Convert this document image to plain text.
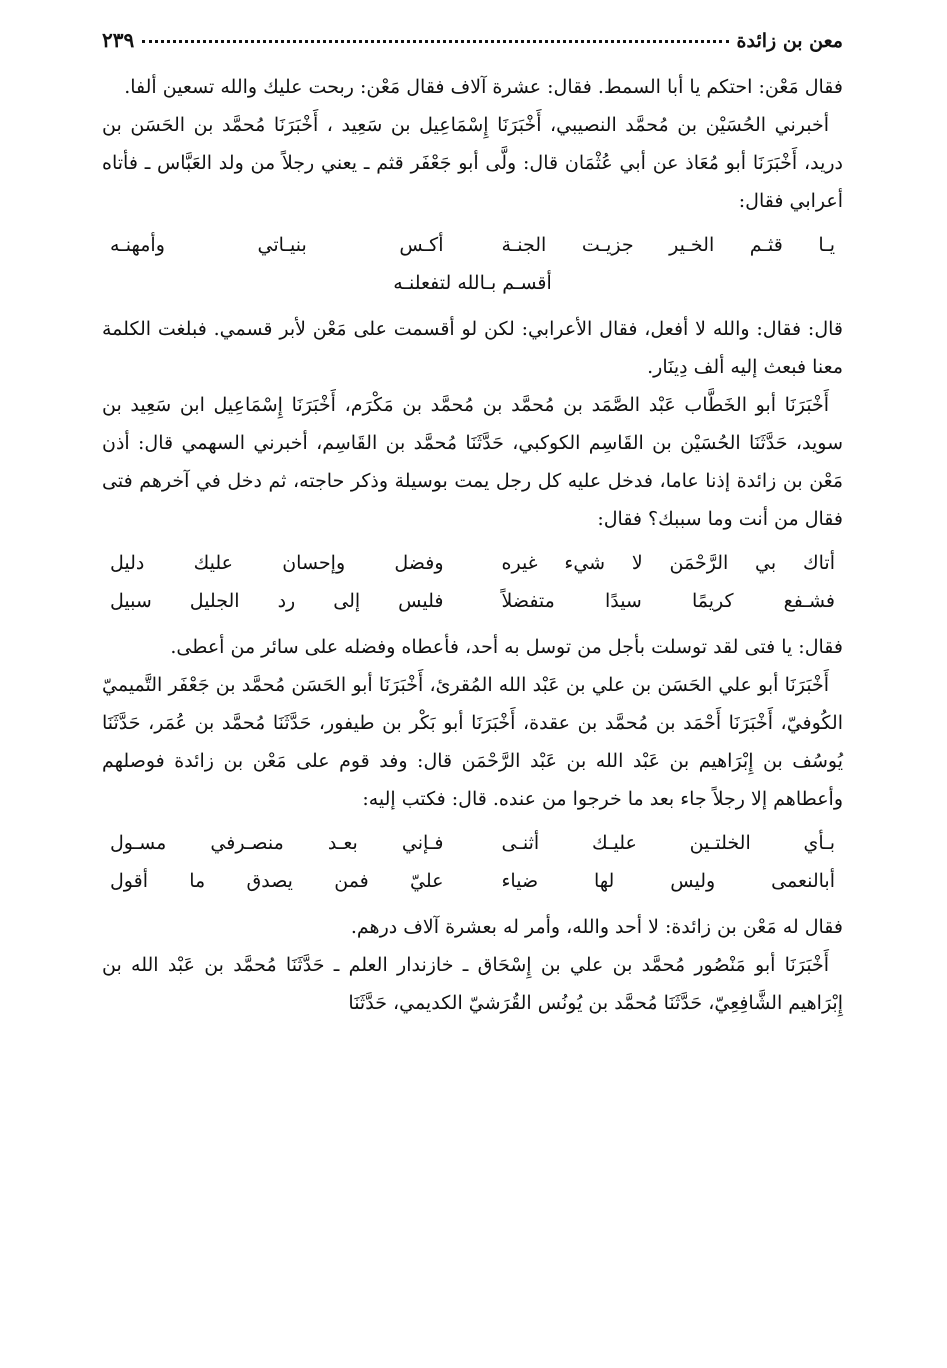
معن بن زائدة
٢٣٩

فقال مَعْن: احتكم يا أبا السمط. فقال: عشرة آلاف فقال مَعْن: ربحت عليك والله تسعين ألفا.

أخبرني الحُسَيْن بن مُحمَّد النصيبي، أَخْبَرَنَا إِسْمَاعِيل بن سَعِيد ، أَخْبَرَنَا مُحمَّد بن الحَسَن بن دريد، أَخْبَرَنَا أبو مُعَاذ عن أبي عُثْمَان قال: ولَّى أبو جَعْفَر قثم ـ يعني رجلاً من ولد العَبَّاس ـ فأتاه أعرابي فقال:

يـا قثـم الخـير جزيـت الجنـة
أكـس بنيـاتي وأمهنـه
أقسـم بـالله لتفعلنـه

قال: فقال: والله لا أفعل، فقال الأعرابي: لكن لو أقسمت على مَعْن لأبر قسمي. فبلغت الكلمة معنا فبعث إليه ألف دِينَار.

أَخْبَرَنَا أبو الخَطَّاب عَبْد الصَّمَد بن مُحمَّد بن مُحمَّد بن مَكْرَم، أَخْبَرَنَا إِسْمَاعِيل ابن سَعِيد بن سويد، حَدَّثَنَا الحُسَيْن بن القَاسِم الكوكبي، حَدَّثَنَا مُحمَّد بن القَاسِم، أخبرني السهمي قال: أذن مَعْن بن زائدة إذنا عاما، فدخل عليه كل رجل يمت بوسيلة وذكر حاجته، ثم دخل في آخرهم فتى فقال من أنت وما سببك؟ فقال:

أتاك بي الرَّحْمَن لا شيء غيره
وفضل وإحسان عليك دليل
فشـفع كريمًا سيدًا متفضلاً
فليس إلى رد الجليل سبيل

فقال: يا فتى لقد توسلت بأجل من توسل به أحد، فأعطاه وفضله على سائر من أعطى.

أَخْبَرَنَا أبو علي الحَسَن بن علي بن عَبْد الله المُقرئ، أَخْبَرَنَا أبو الحَسَن مُحمَّد بن جَعْفَر التَّميميّ الكُوفيّ، أَخْبَرَنَا أَحْمَد بن مُحمَّد بن عقدة، أَخْبَرَنَا أبو بَكْر بن طيفور، حَدَّثَنَا مُحمَّد بن عُمَر، حَدَّثَنَا يُوسُف بن إِبْرَاهيم بن عَبْد الله بن عَبْد الرَّحْمَن قال: وفد قوم على مَعْن بن زائدة فوصلهم وأعطاهم إلا رجلاً جاء بعد ما خرجوا من عنده. قال: فكتب إليه:

بـأي الخلتـين عليـك أثنـى
فـإني بعـد منصـرفي مسـول
أبالنعمى وليس لها ضياء
عليّ فمن يصدق ما أقول

فقال له مَعْن بن زائدة: لا أحد والله، وأمر له بعشرة آلاف درهم.

أَخْبَرَنَا أبو مَنْصُور مُحمَّد بن علي بن إِسْحَاق ـ خازندار العلم ـ حَدَّثَنَا مُحمَّد بن عَبْد الله بن إِبْرَاهيم الشَّافِعِيّ، حَدَّثَنَا مُحمَّد بن يُونُس القُرَشيّ الكديمي، حَدَّثَنَا
